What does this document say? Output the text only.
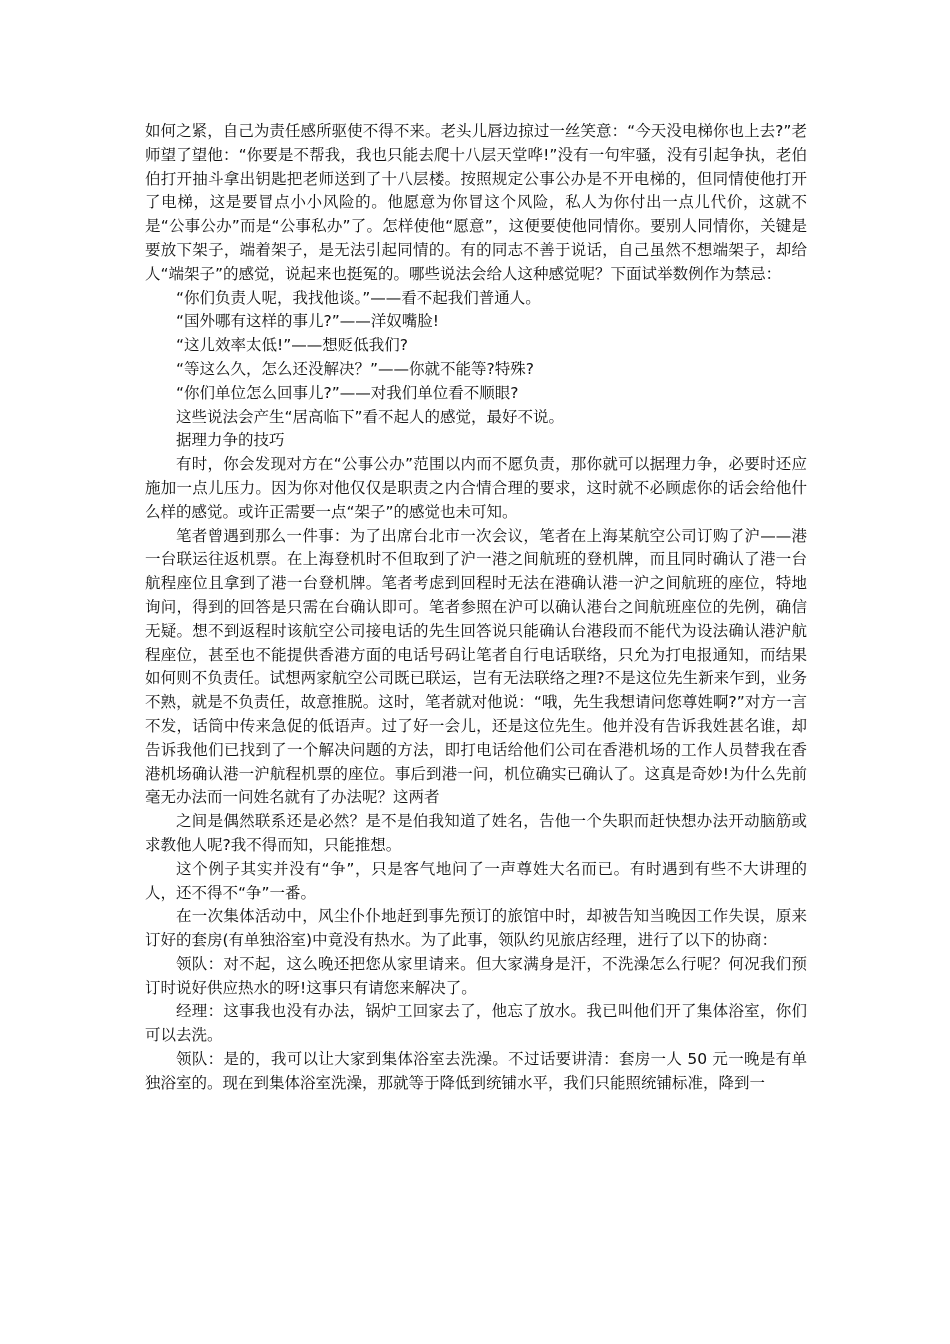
如何之紧，自己为责任感所驱使不得不来。老头儿唇边掠过一丝笑意：“今天没电梯你也上去?”老师望了望他：“你要是不帮我，我也只能去爬十八层天堂哗!”没有一句牢骚，没有引起争执，老伯伯打开抽斗拿出钥匙把老师送到了十八层楼。按照规定公事公办是不开电梯的，但同情使他打开了电梯，这是要冒点小小风险的。他愿意为你冒这个风险，私人为你付出一点儿代价，这就不是“公事公办”而是“公事私办”了。怎样使他“愿意”，这便要使他同情你。要别人同情你，关键是要放下架子，端着架子，是无法引起同情的。有的同志不善于说话，自己虽然不想端架子，却给人“端架子”的感觉，说起来也挺冤的。哪些说法会给人这种感觉呢？下面试举数例作为禁忌：

“你们负责人呢，我找他谈。”——看不起我们普通人。

“国外哪有这样的事儿?”——洋奴嘴脸!

“这儿效率太低!”——想贬低我们?

“等这么久，怎么还没解决？”——你就不能等?特殊?

“你们单位怎么回事儿?”——对我们单位看不顺眼?

这些说法会产生“居高临下”看不起人的感觉，最好不说。

据理力争的技巧

有时，你会发现对方在“公事公办”范围以内而不愿负责，那你就可以据理力争，必要时还应施加一点儿压力。因为你对他仅仅是职责之内合情合理的要求，这时就不必顾虑你的话会给他什么样的感觉。或许正需要一点“架子”的感觉也未可知。

笔者曾遇到那么一件事：为了出席台北市一次会议，笔者在上海某航空公司订购了沪——港一台联运往返机票。在上海登机时不但取到了沪一港之间航班的登机牌，而且同时确认了港一台航程座位且拿到了港一台登机牌。笔者考虑到回程时无法在港确认港一沪之间航班的座位，特地询问，得到的回答是只需在台确认即可。笔者参照在沪可以确认港台之间航班座位的先例，确信无疑。想不到返程时该航空公司接电话的先生回答说只能确认台港段而不能代为设法确认港沪航程座位，甚至也不能提供香港方面的电话号码让笔者自行电话联络，只允为打电报通知，而结果如何则不负责任。试想两家航空公司既已联运，岂有无法联络之理?不是这位先生新来乍到，业务不熟，就是不负责任，故意推脱。这时，笔者就对他说：“哦，先生我想请问您尊姓啊?”对方一言不发，话筒中传来急促的低语声。过了好一会儿，还是这位先生。他并没有告诉我姓甚名谁，却告诉我他们已找到了一个解决问题的方法，即打电话给他们公司在香港机场的工作人员替我在香港机场确认港一沪航程机票的座位。事后到港一问，机位确实已确认了。这真是奇妙!为什么先前毫无办法而一问姓名就有了办法呢？这两者

之间是偶然联系还是必然？是不是伯我知道了姓名，告他一个失职而赶快想办法开动脑筋或求教他人呢?我不得而知，只能推想。

这个例子其实并没有“争”，只是客气地问了一声尊姓大名而已。有时遇到有些不大讲理的人，还不得不“争”一番。

在一次集体活动中，风尘仆仆地赶到事先预订的旅馆中时，却被告知当晚因工作失误，原来订好的套房(有单独浴室)中竟没有热水。为了此事，领队约见旅店经理，进行了以下的协商：

领队：对不起，这么晚还把您从家里请来。但大家满身是汗，不洗澡怎么行呢？何况我们预订时说好供应热水的呀!这事只有请您来解决了。

经理：这事我也没有办法，锅炉工回家去了，他忘了放水。我已叫他们开了集体浴室，你们可以去洗。

领队：是的，我可以让大家到集体浴室去洗澡。不过话要讲清：套房一人 50 元一晚是有单独浴室的。现在到集体浴室洗澡，那就等于降低到统铺水平，我们只能照统铺标准，降到一
